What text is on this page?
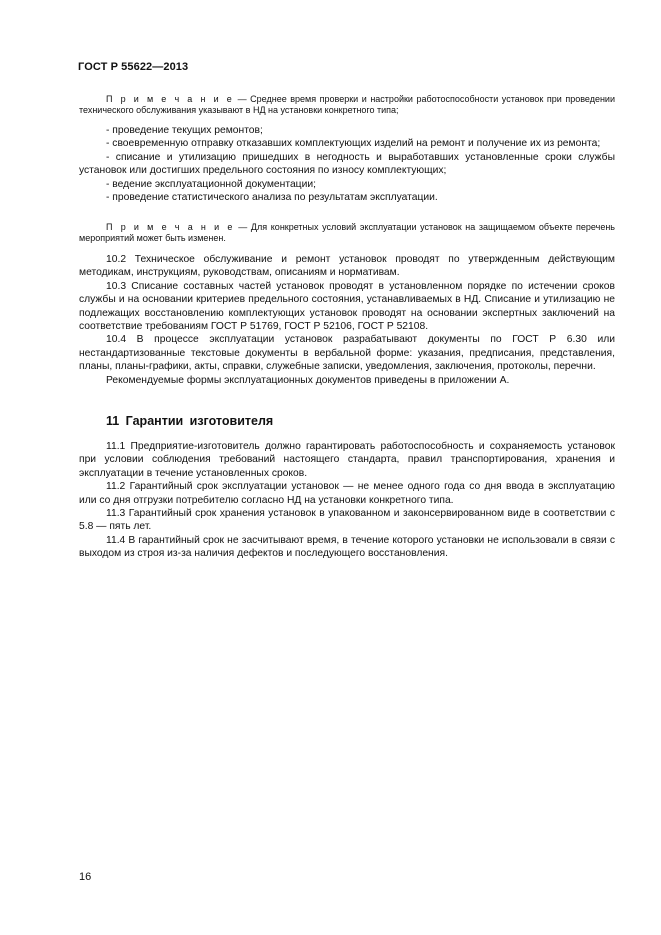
ГОСТ Р 55622—2013

П р и м е ч а н и е — Среднее время проверки и настройки работоспособности установок при проведении технического обслуживания указывают в НД на установки конкретного типа;

- проведение текущих ремонтов;

- своевременную отправку отказавших комплектующих изделий на ремонт и получение их из ремонта;

- списание и утилизацию пришедших в негодность и выработавших установленные сроки службы установок или достигших предельного состояния по износу комплектующих;

- ведение эксплуатационной документации;

- проведение статистического анализа по результатам эксплуатации.

П р и м е ч а н и е — Для конкретных условий эксплуатации установок на защищаемом объекте перечень мероприятий может быть изменен.

10.2 Техническое обслуживание и ремонт установок проводят по утвержденным действующим методикам, инструкциям, руководствам, описаниям и нормативам.

10.3 Списание составных частей установок проводят в установленном порядке по истечении сроков службы и на основании критериев предельного состояния, устанавливаемых в НД. Списание и утилизацию не подлежащих восстановлению комплектующих установок проводят на основании экспертных заключений на соответствие требованиям ГОСТ Р 51769, ГОСТ Р 52106, ГОСТ Р 52108.

10.4 В процессе эксплуатации установок разрабатывают документы по ГОСТ Р 6.30 или нестандартизованные текстовые документы в вербальной форме: указания, предписания, представления, планы, планы-графики, акты, справки, служебные записки, уведомления, заключения, протоколы, перечни.

Рекомендуемые формы эксплуатационных документов приведены в приложении А.

11 Гарантии изготовителя

11.1 Предприятие-изготовитель должно гарантировать работоспособность и сохраняемость установок при условии соблюдения требований настоящего стандарта, правил транспортирования, хранения и эксплуатации в течение установленных сроков.

11.2 Гарантийный срок эксплуатации установок — не менее одного года со дня ввода в эксплуатацию или со дня отгрузки потребителю согласно НД на установки конкретного типа.

11.3 Гарантийный срок хранения установок в упакованном и законсервированном виде в соответствии с 5.8 — пять лет.

11.4 В гарантийный срок не засчитывают время, в течение которого установки не использовали в связи с выходом из строя из-за наличия дефектов и последующего восстановления.

16
